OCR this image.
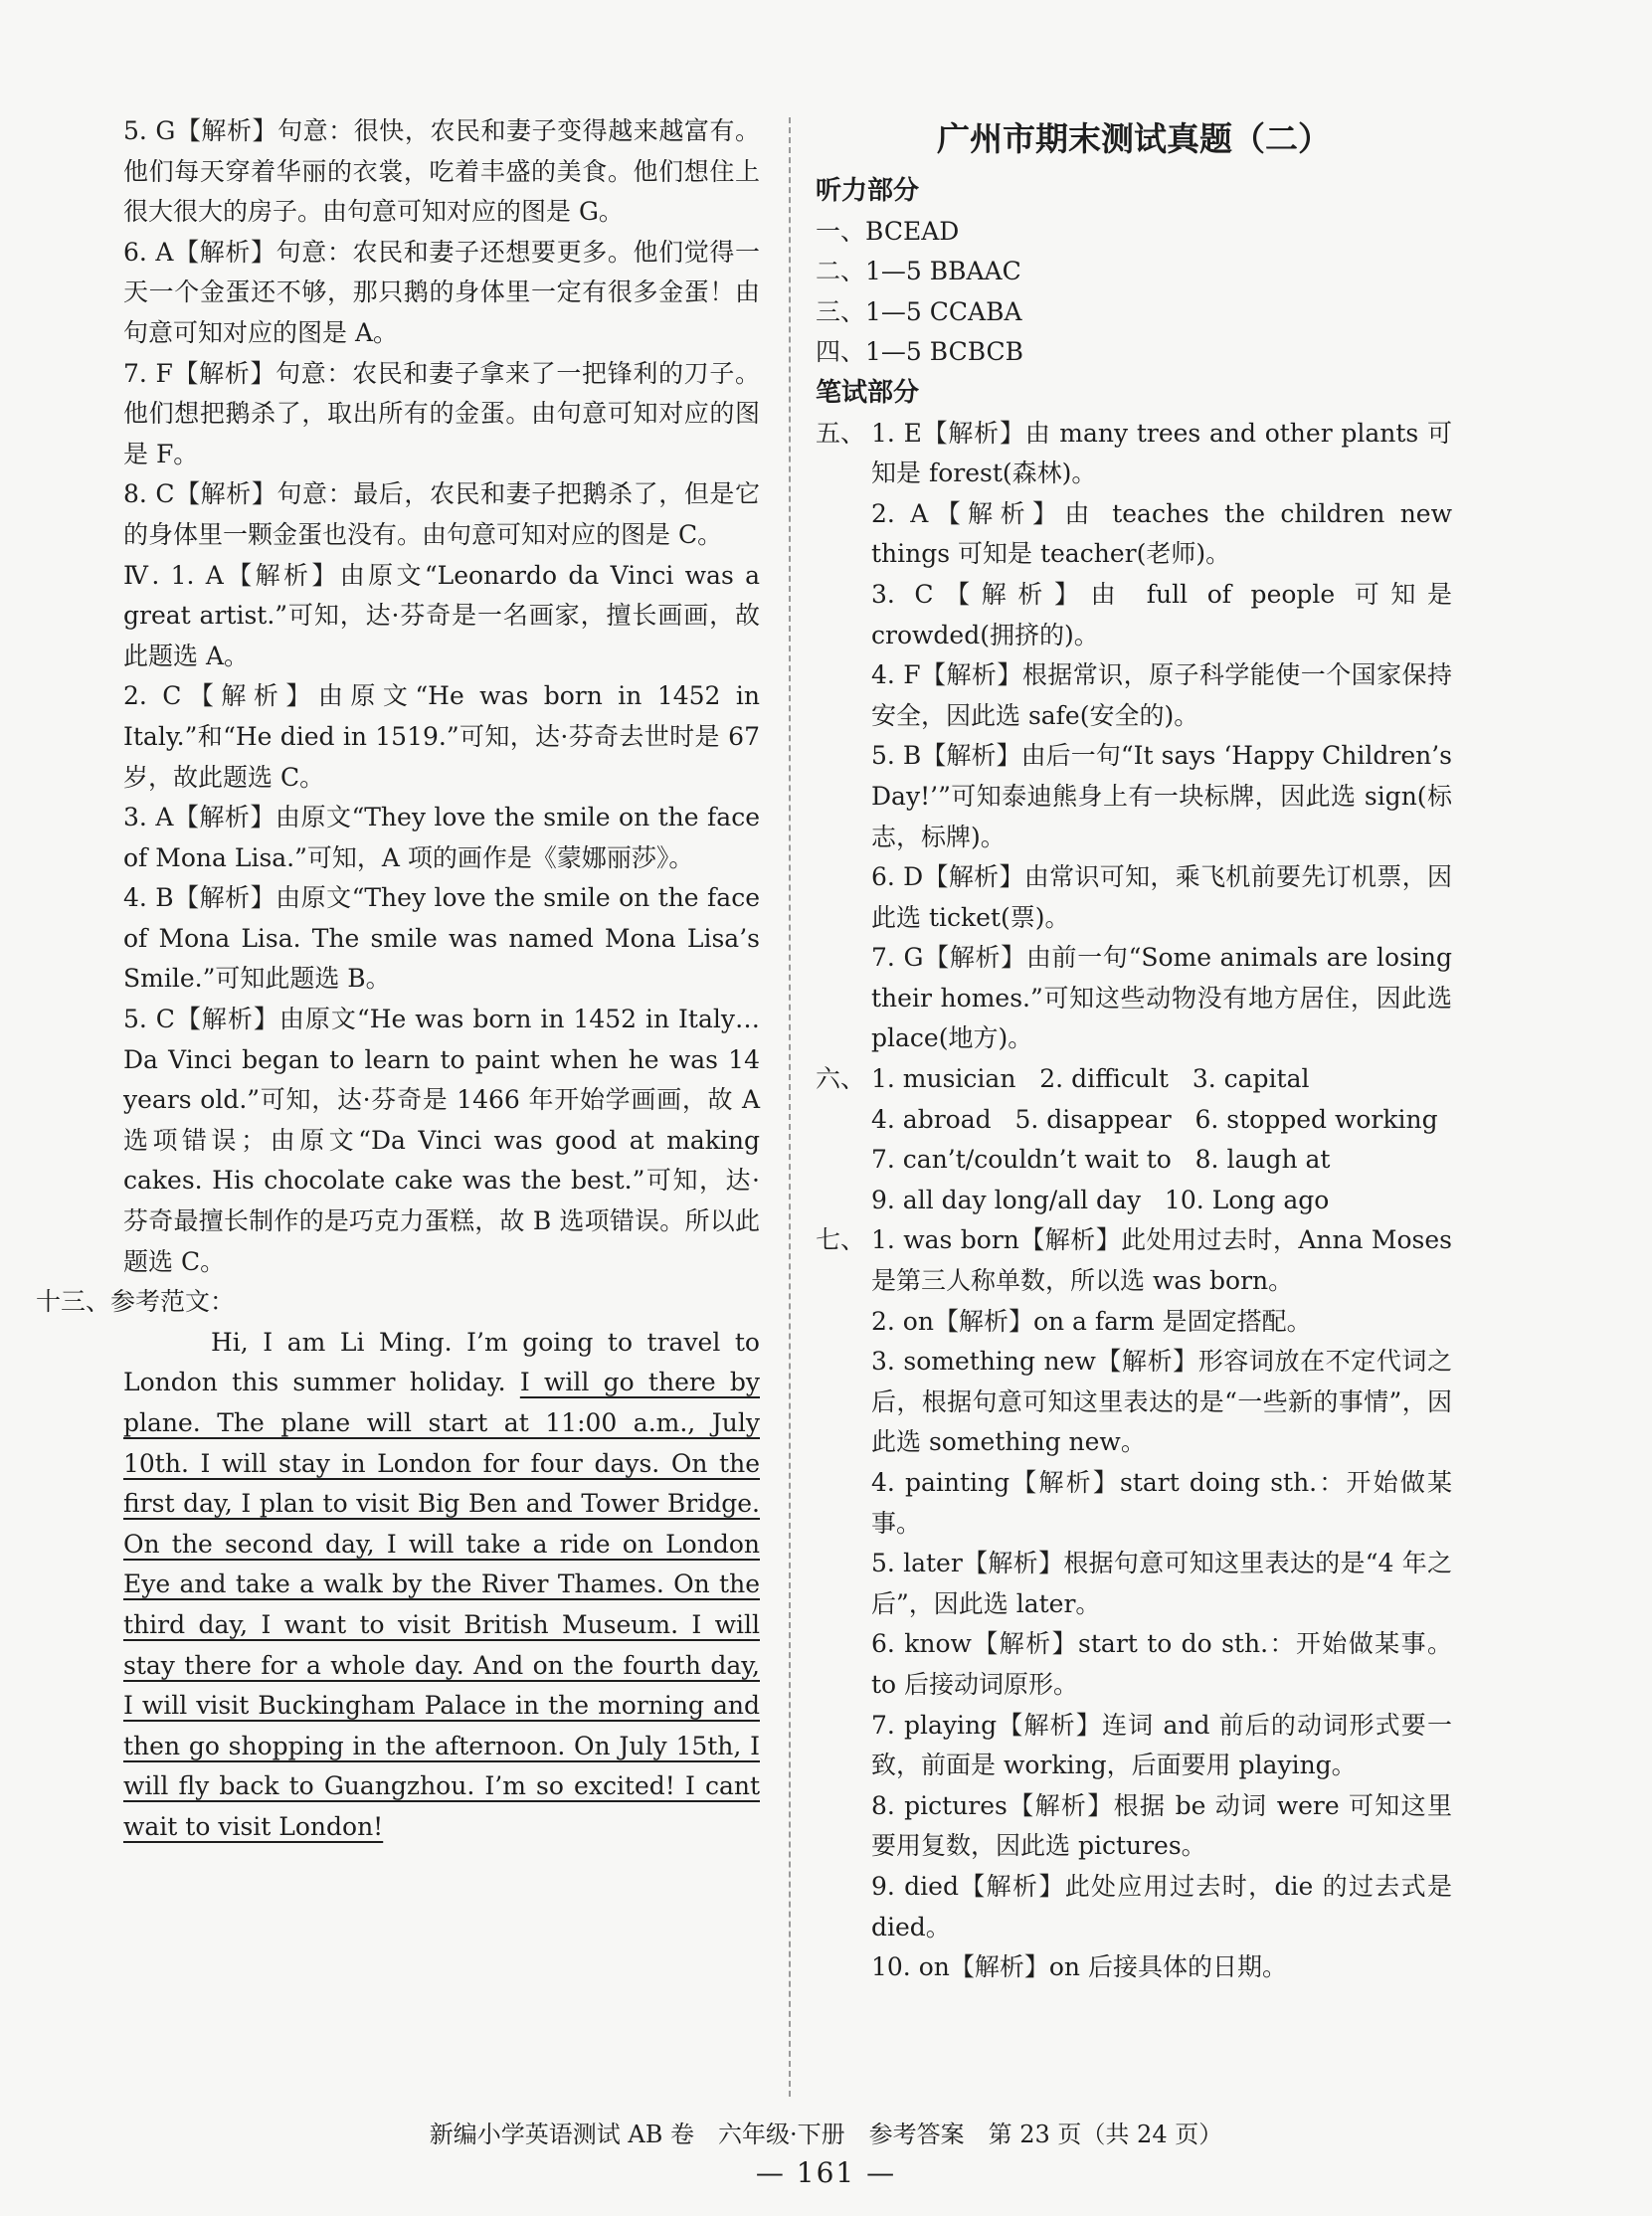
5. G【解析】句意：很快，农民和妻子变得越来越富有。他们每天穿着华丽的衣裳，吃着丰盛的美食。他们想住上很大很大的房子。由句意可知对应的图是 G。

6. A【解析】句意：农民和妻子还想要更多。他们觉得一天一个金蛋还不够，那只鹅的身体里一定有很多金蛋！由句意可知对应的图是 A。

7. F【解析】句意：农民和妻子拿来了一把锋利的刀子。他们想把鹅杀了，取出所有的金蛋。由句意可知对应的图是 F。

8. C【解析】句意：最后，农民和妻子把鹅杀了，但是它的身体里一颗金蛋也没有。由句意可知对应的图是 C。

Ⅳ. 1. A【解析】由原文“Leonardo da Vinci was a great artist.”可知，达·芬奇是一名画家，擅长画画，故此题选 A。

2. C【解析】由原文“He was born in 1452 in Italy.”和“He died in 1519.”可知，达·芬奇去世时是 67 岁，故此题选 C。

3. A【解析】由原文“They love the smile on the face of Mona Lisa.”可知，A 项的画作是《蒙娜丽莎》。

4. B【解析】由原文“They love the smile on the face of Mona Lisa. The smile was named Mona Lisa’s Smile.”可知此题选 B。

5. C【解析】由原文“He was born in 1452 in Italy…Da Vinci began to learn to paint when he was 14 years old.”可知，达·芬奇是 1466 年开始学画画，故 A 选项错误；由原文“Da Vinci was good at making cakes. His chocolate cake was the best.”可知，达·芬奇最擅长制作的是巧克力蛋糕，故 B 选项错误。所以此题选 C。

十三、参考范文：

Hi, I am Li Ming. I’m going to travel to London this summer holiday. I will go there by plane. The plane will start at 11:00 a.m., July 10th. I will stay in London for four days. On the first day, I plan to visit Big Ben and Tower Bridge. On the second day, I will take a ride on London Eye and take a walk by the River Thames. On the third day, I want to visit British Museum. I will stay there for a whole day. And on the fourth day, I will visit Buckingham Palace in the morning and then go shopping in the afternoon. On July 15th, I will fly back to Guangzhou. I’m so excited! I cant wait to visit London!

广州市期末测试真题（二）

听力部分

一、BCEAD

二、1—5 BBAAC

三、1—5 CCABA

四、1—5 BCBCB

笔试部分

五、 1. E【解析】由 many trees and other plants 可知是 forest(森林)。

2. A【解析】由 teaches the children new things 可知是 teacher(老师)。

3. C【解析】由 full of people 可知是 crowded(拥挤的)。

4. F【解析】根据常识，原子科学能使一个国家保持安全，因此选 safe(安全的)。

5. B【解析】由后一句“It says ‘Happy Children’s Day!’”可知泰迪熊身上有一块标牌，因此选 sign(标志，标牌)。

6. D【解析】由常识可知，乘飞机前要先订机票，因此选 ticket(票)。

7. G【解析】由前一句“Some animals are losing their homes.”可知这些动物没有地方居住，因此选 place(地方)。

六、 1. musician   2. difficult   3. capital

4. abroad   5. disappear   6. stopped working

7. can’t/couldn’t wait to   8. laugh at

9. all day long/all day   10. Long ago

七、 1. was born【解析】此处用过去时，Anna Moses 是第三人称单数，所以选 was born。

2. on【解析】on a farm 是固定搭配。

3. something new【解析】形容词放在不定代词之后，根据句意可知这里表达的是“一些新的事情”，因此选 something new。

4. painting【解析】start doing sth.：开始做某事。

5. later【解析】根据句意可知这里表达的是“4 年之后”，因此选 later。

6. know【解析】start to do sth.：开始做某事。to 后接动词原形。

7. playing【解析】连词 and 前后的动词形式要一致，前面是 working，后面要用 playing。

8. pictures【解析】根据 be 动词 were 可知这里要用复数，因此选 pictures。

9. died【解析】此处应用过去时，die 的过去式是 died。

10. on【解析】on 后接具体的日期。

新编小学英语测试 AB 卷　六年级·下册　参考答案　第 23 页（共 24 页）
— 161 —
